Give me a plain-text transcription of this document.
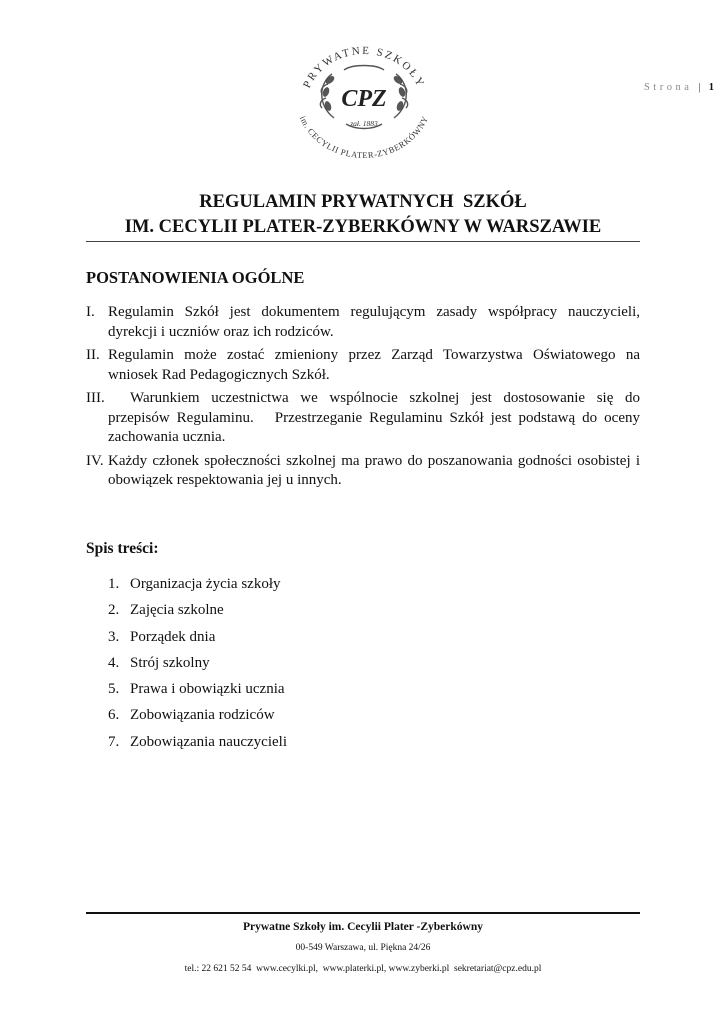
PRYWATNE SZKOŁY
im. CECYLII PLATER-ZYBERKÓWNY
CPZ
zał. 1883
Strona | 1
REGULAMIN PRYWATNYCH  SZKÓŁ
IM. CECYLII PLATER-ZYBERKÓWNY W WARSZAWIE
POSTANOWIENIA OGÓLNE
I. Regulamin Szkół jest dokumentem regulującym zasady współpracy nauczycieli, dyrekcji i uczniów oraz ich rodziców.
II. Regulamin może zostać zmieniony przez Zarząd Towarzystwa Oświatowego na wniosek Rad Pedagogicznych Szkół.
III. Warunkiem uczestnictwa we wspólnocie szkolnej jest dostosowanie się do przepisów Regulaminu.   Przestrzeganie Regulaminu Szkół jest podstawą do oceny zachowania ucznia.
IV. Każdy członek społeczności szkolnej ma prawo do poszanowania godności osobistej i obowiązek respektowania jej u innych.
Spis treści:
1. Organizacja życia szkoły
2. Zajęcia szkolne
3. Porządek dnia
4. Strój szkolny
5. Prawa i obowiązki ucznia
6. Zobowiązania rodziców
7. Zobowiązania nauczycieli
Prywatne Szkoły im. Cecylii Plater -Zyberkówny
00-549 Warszawa, ul. Piękna 24/26
tel.: 22 621 52 54  www.cecylki.pl,  www.platerki.pl, www.zyberki.pl  sekretariat@cpz.edu.pl
